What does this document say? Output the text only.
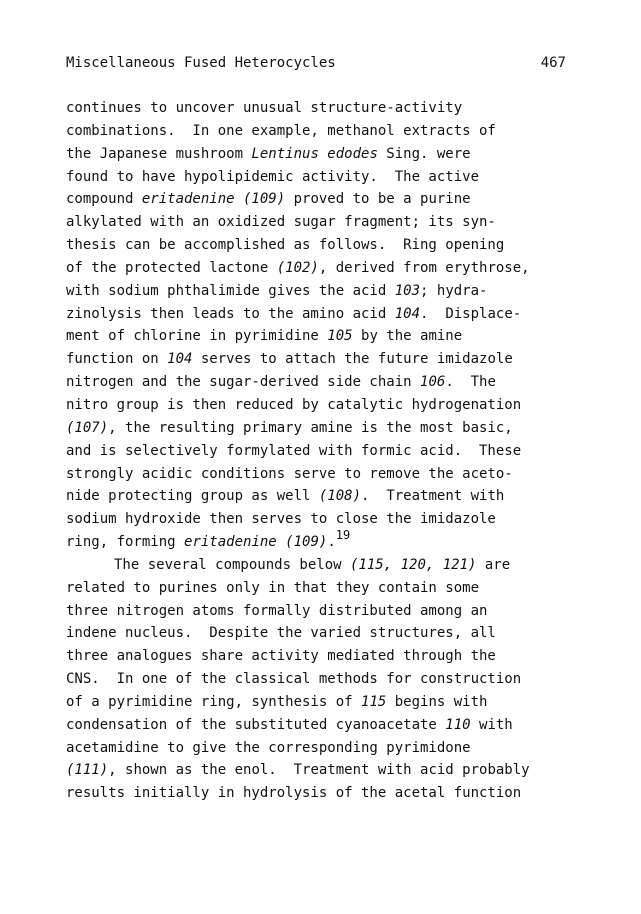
Miscellaneous Fused Heterocycles

	467

continues to uncover unusual structure-activity
combinations.  In one example, methanol extracts of
the Japanese mushroom Lentinus edodes Sing. were
found to have hypolipidemic activity.  The active
compound eritadenine (109) proved to be a purine
alkylated with an oxidized sugar fragment; its syn-
thesis can be accomplished as follows.  Ring opening
of the protected lactone (102), derived from erythrose,
with sodium phthalimide gives the acid 103; hydra-
zinolysis then leads to the amino acid 104.  Displace-
ment of chlorine in pyrimidine 105 by the amine
function on 104 serves to attach the future imidazole
nitrogen and the sugar-derived side chain 106.  The
nitro group is then reduced by catalytic hydrogenation
(107), the resulting primary amine is the most basic,
and is selectively formylated with formic acid.  These
strongly acidic conditions serve to remove the aceto-
nide protecting group as well (108).  Treatment with
sodium hydroxide then serves to close the imidazole
ring, forming eritadenine (109).19
The several compounds below (115, 120, 121) are
related to purines only in that they contain some
three nitrogen atoms formally distributed among an
indene nucleus.  Despite the varied structures, all
three analogues share activity mediated through the
CNS.  In one of the classical methods for construction
of a pyrimidine ring, synthesis of 115 begins with
condensation of the substituted cyanoacetate 110 with
acetamidine to give the corresponding pyrimidone
(111), shown as the enol.  Treatment with acid probably
results initially in hydrolysis of the acetal function
